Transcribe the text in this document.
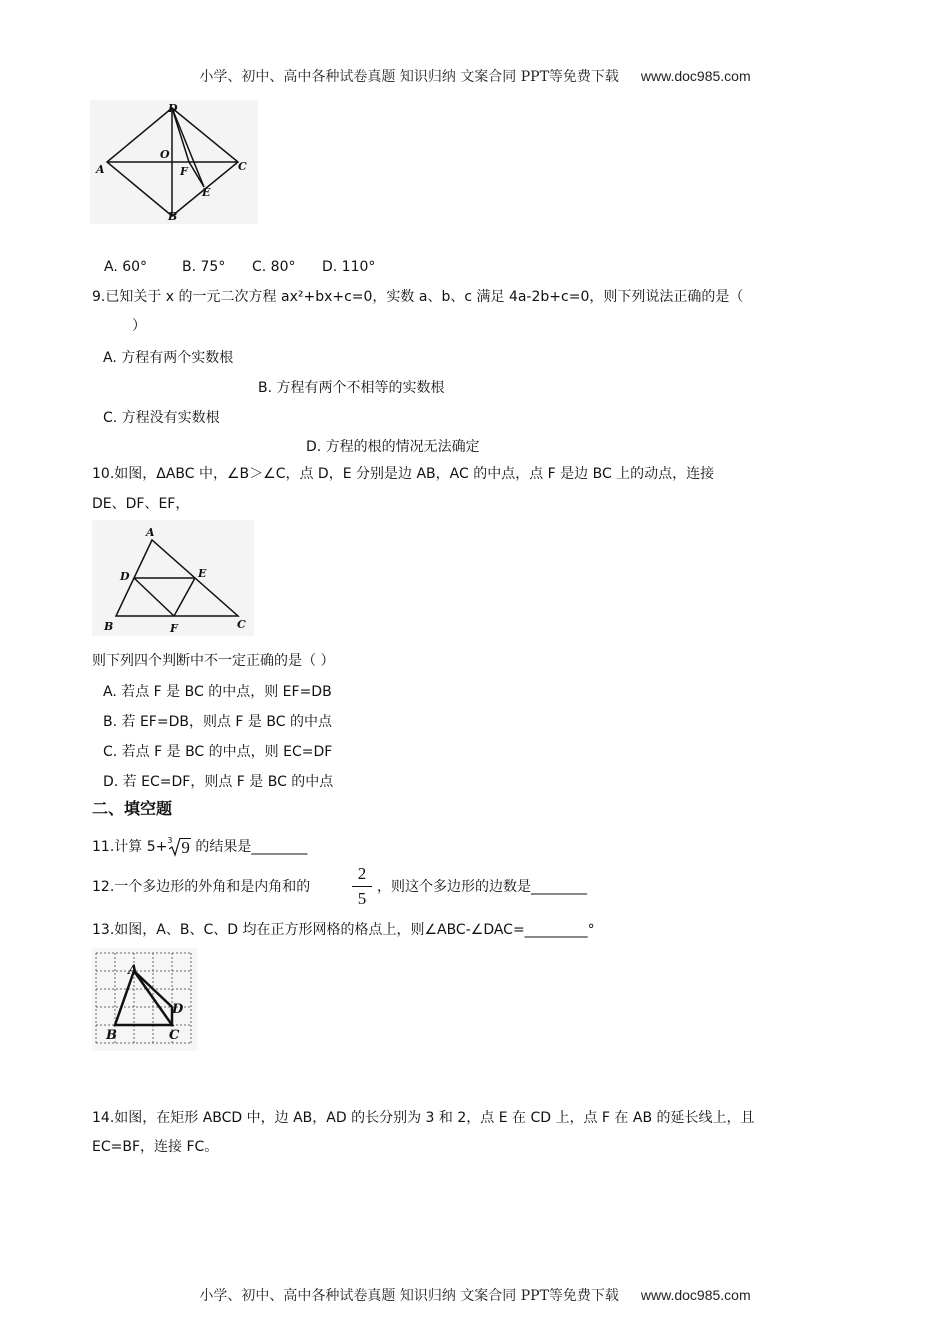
小学、初中、高中各种试卷真题 知识归纳 文案合同 PPT等免费下载 www.doc985.com
D
A	C
B
O
F
E
A. 60° B. 75° C. 80° D. 110°
9.已知关于 x 的一元二次方程 ax²+bx+c=0，实数 a、b、c 满足 4a-2b+c=0，则下列说法正确的是（
）
A. 方程有两个实数根
B. 方程有两个不相等的实数根
C. 方程没有实数根
D. 方程的根的情况无法确定
10.如图，ΔABC 中，∠B＞∠C，点 D，E 分别是边 AB，AC 的中点，点 F 是边 BC 上的动点，连接
DE、DF、EF，
A
D	E
B	F	C
则下列四个判断中不一定正确的是（ ）
A. 若点 F 是 BC 的中点，则 EF=DB
B. 若 EF=DB，则点 F 是 BC 的中点
C. 若点 F 是 BC 的中点，则 EC=DF
D. 若 EC=DF，则点 F 是 BC 的中点
二、填空题
11.计算 5+ 3 9 的结果是________
12.一个多边形的外角和是内角和的
2
5
，则这个多边形的边数是________
13.如图，A、B、C、D 均在正方形网格的格点上，则∠ABC-∠DAC=_________°
A
D
B	C
14.如图，在矩形 ABCD 中，边 AB，AD 的长分别为 3 和 2，点 E 在 CD 上，点 F 在 AB 的延长线上，且
EC=BF，连接 FC。
小学、初中、高中各种试卷真题 知识归纳 文案合同 PPT等免费下载 www.doc985.com
